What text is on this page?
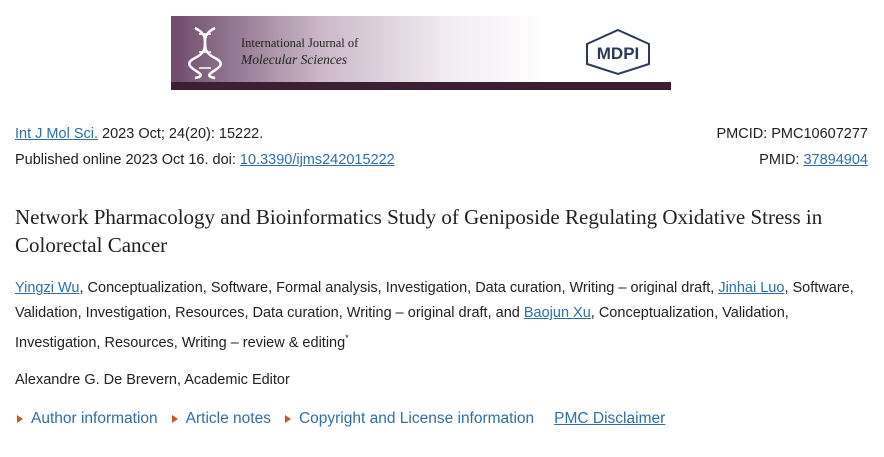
International Journal of
Molecular Sciences	MDPI
Int J Mol Sci. 2023 Oct; 24(20): 15222.	PMCID: PMC10607277
Published online 2023 Oct 16. doi: 10.3390/ijms242015222	PMID: 37894904
Network Pharmacology and Bioinformatics Study of Geniposide Regulating Oxidative Stress in Colorectal Cancer
Yingzi Wu, Conceptualization, Software, Formal analysis, Investigation, Data curation, Writing – original draft, Jinhai Luo, Software, Validation, Investigation, Resources, Data curation, Writing – original draft, and Baojun Xu, Conceptualization, Validation, Investigation, Resources, Writing – review & editing*
Alexandre G. De Brevern, Academic Editor
Author information Article notes Copyright and License information PMC Disclaimer
